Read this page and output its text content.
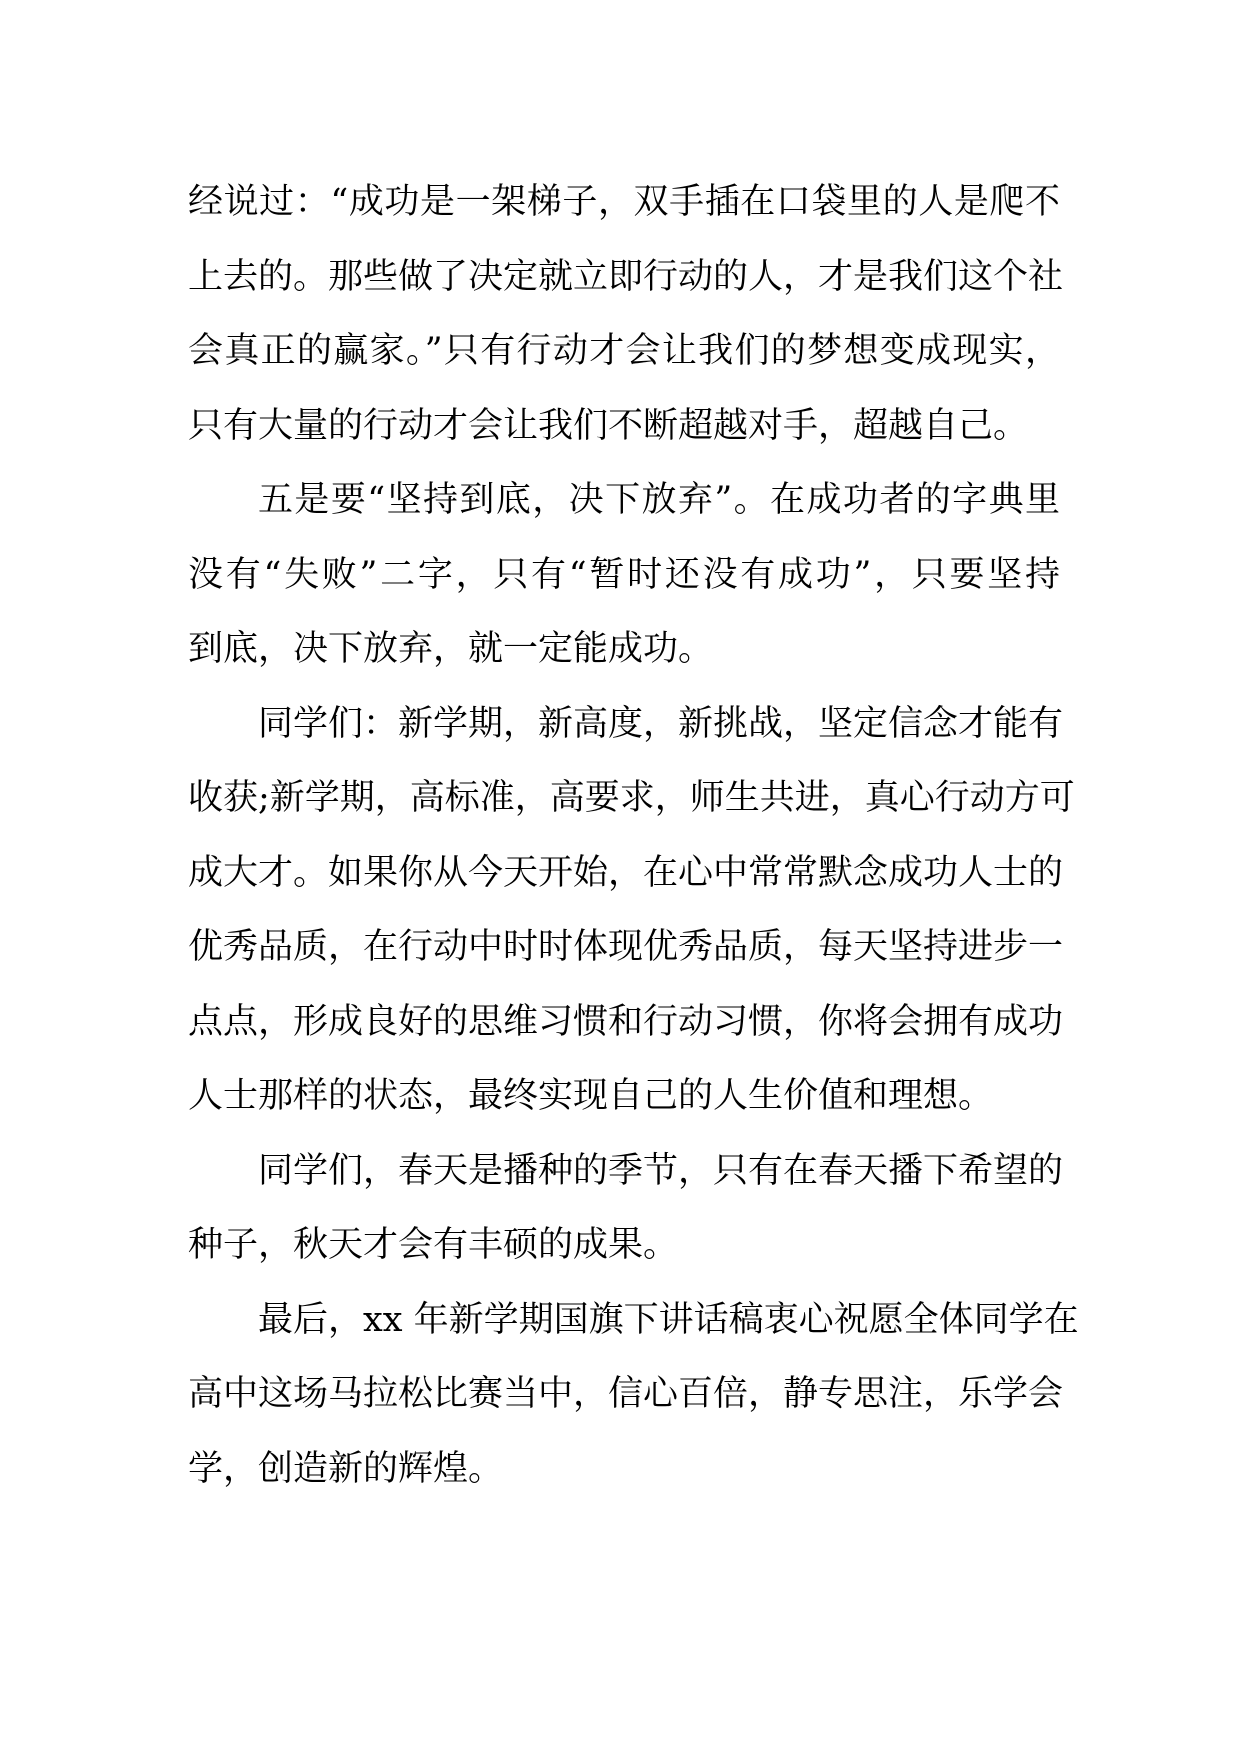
经说过：“成功是一架梯子，双手插在口袋里的人是爬不
上去的。那些做了决定就立即行动的人，才是我们这个社
会真正的赢家。”只有行动才会让我们的梦想变成现实，
只有大量的行动才会让我们不断超越对手，超越自己。
五是要“坚持到底，决下放弃”。在成功者的字典里
没有“失败”二字，只有“暂时还没有成功”，只要坚持
到底，决下放弃，就一定能成功。
同学们：新学期，新高度，新挑战，坚定信念才能有
收获;新学期，高标准，高要求，师生共进，真心行动方可
成大才。如果你从今天开始，在心中常常默念成功人士的
优秀品质，在行动中时时体现优秀品质，每天坚持进步一
点点，形成良好的思维习惯和行动习惯，你将会拥有成功
人士那样的状态，最终实现自己的人生价值和理想。
同学们，春天是播种的季节，只有在春天播下希望的
种子，秋天才会有丰硕的成果。
最后，xx 年新学期国旗下讲话稿衷心祝愿全体同学在
高中这场马拉松比赛当中，信心百倍，静专思注，乐学会
学，创造新的辉煌。
